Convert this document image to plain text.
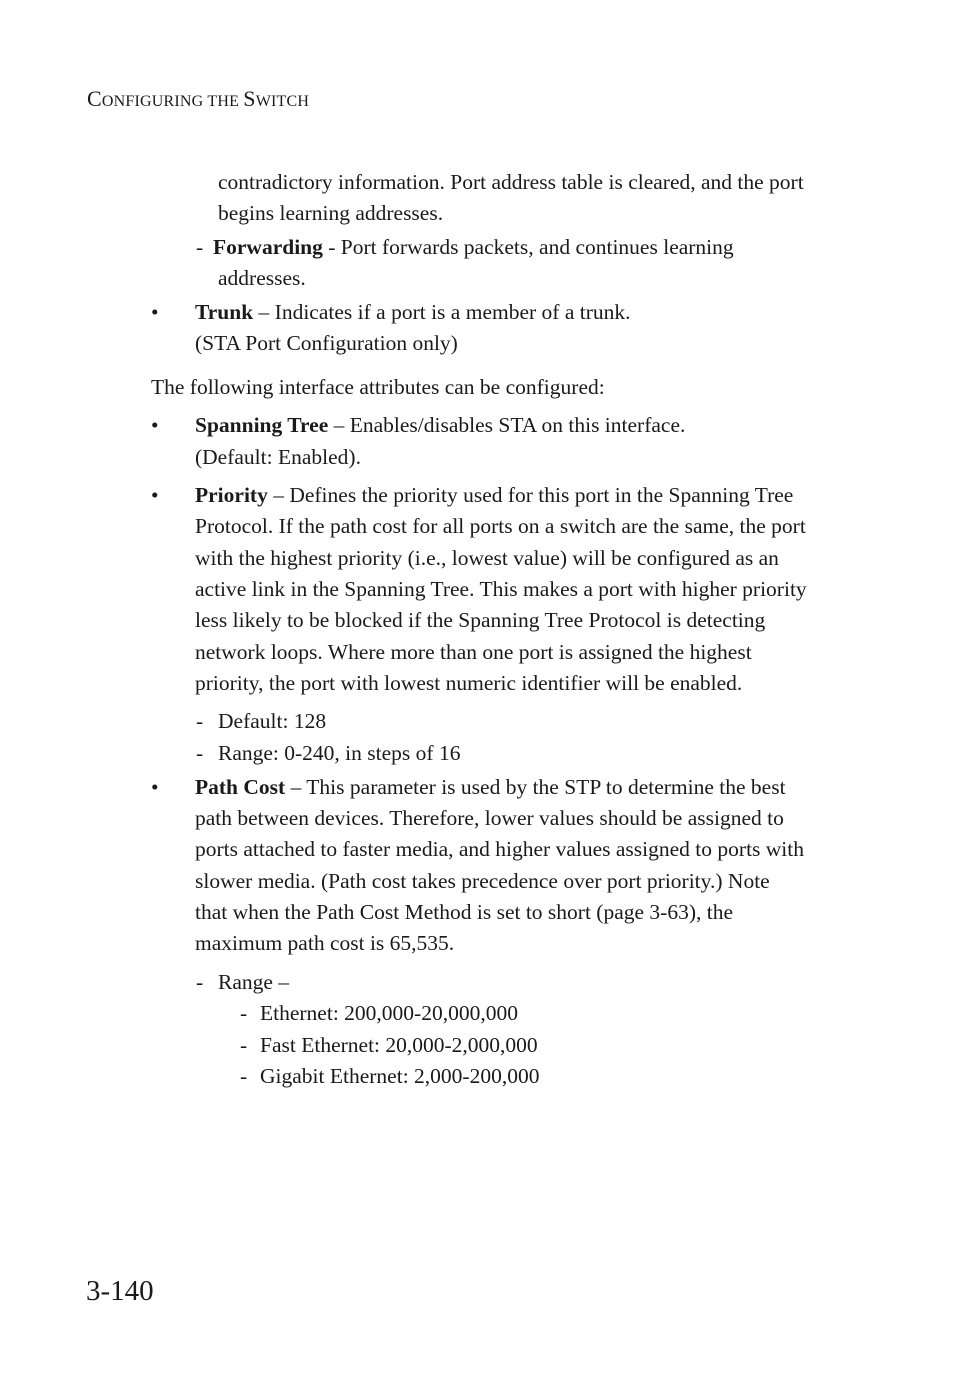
CONFIGURING THE SWITCH
contradictory information. Port address table is cleared, and the port
begins learning addresses.
- Forwarding - Port forwards packets, and continues learning
addresses.
• Trunk – Indicates if a port is a member of a trunk.
(STA Port Configuration only)
The following interface attributes can be configured:
• Spanning Tree – Enables/disables STA on this interface.
(Default: Enabled).
• Priority – Defines the priority used for this port in the Spanning Tree
Protocol. If the path cost for all ports on a switch are the same, the port
with the highest priority (i.e., lowest value) will be configured as an
active link in the Spanning Tree. This makes a port with higher priority
less likely to be blocked if the Spanning Tree Protocol is detecting
network loops. Where more than one port is assigned the highest
priority, the port with lowest numeric identifier will be enabled.
- Default: 128
- Range: 0-240, in steps of 16
• Path Cost – This parameter is used by the STP to determine the best
path between devices. Therefore, lower values should be assigned to
ports attached to faster media, and higher values assigned to ports with
slower media. (Path cost takes precedence over port priority.) Note
that when the Path Cost Method is set to short (page 3-63), the
maximum path cost is 65,535.
- Range –
- Ethernet: 200,000-20,000,000
- Fast Ethernet: 20,000-2,000,000
- Gigabit Ethernet: 2,000-200,000
3-140
